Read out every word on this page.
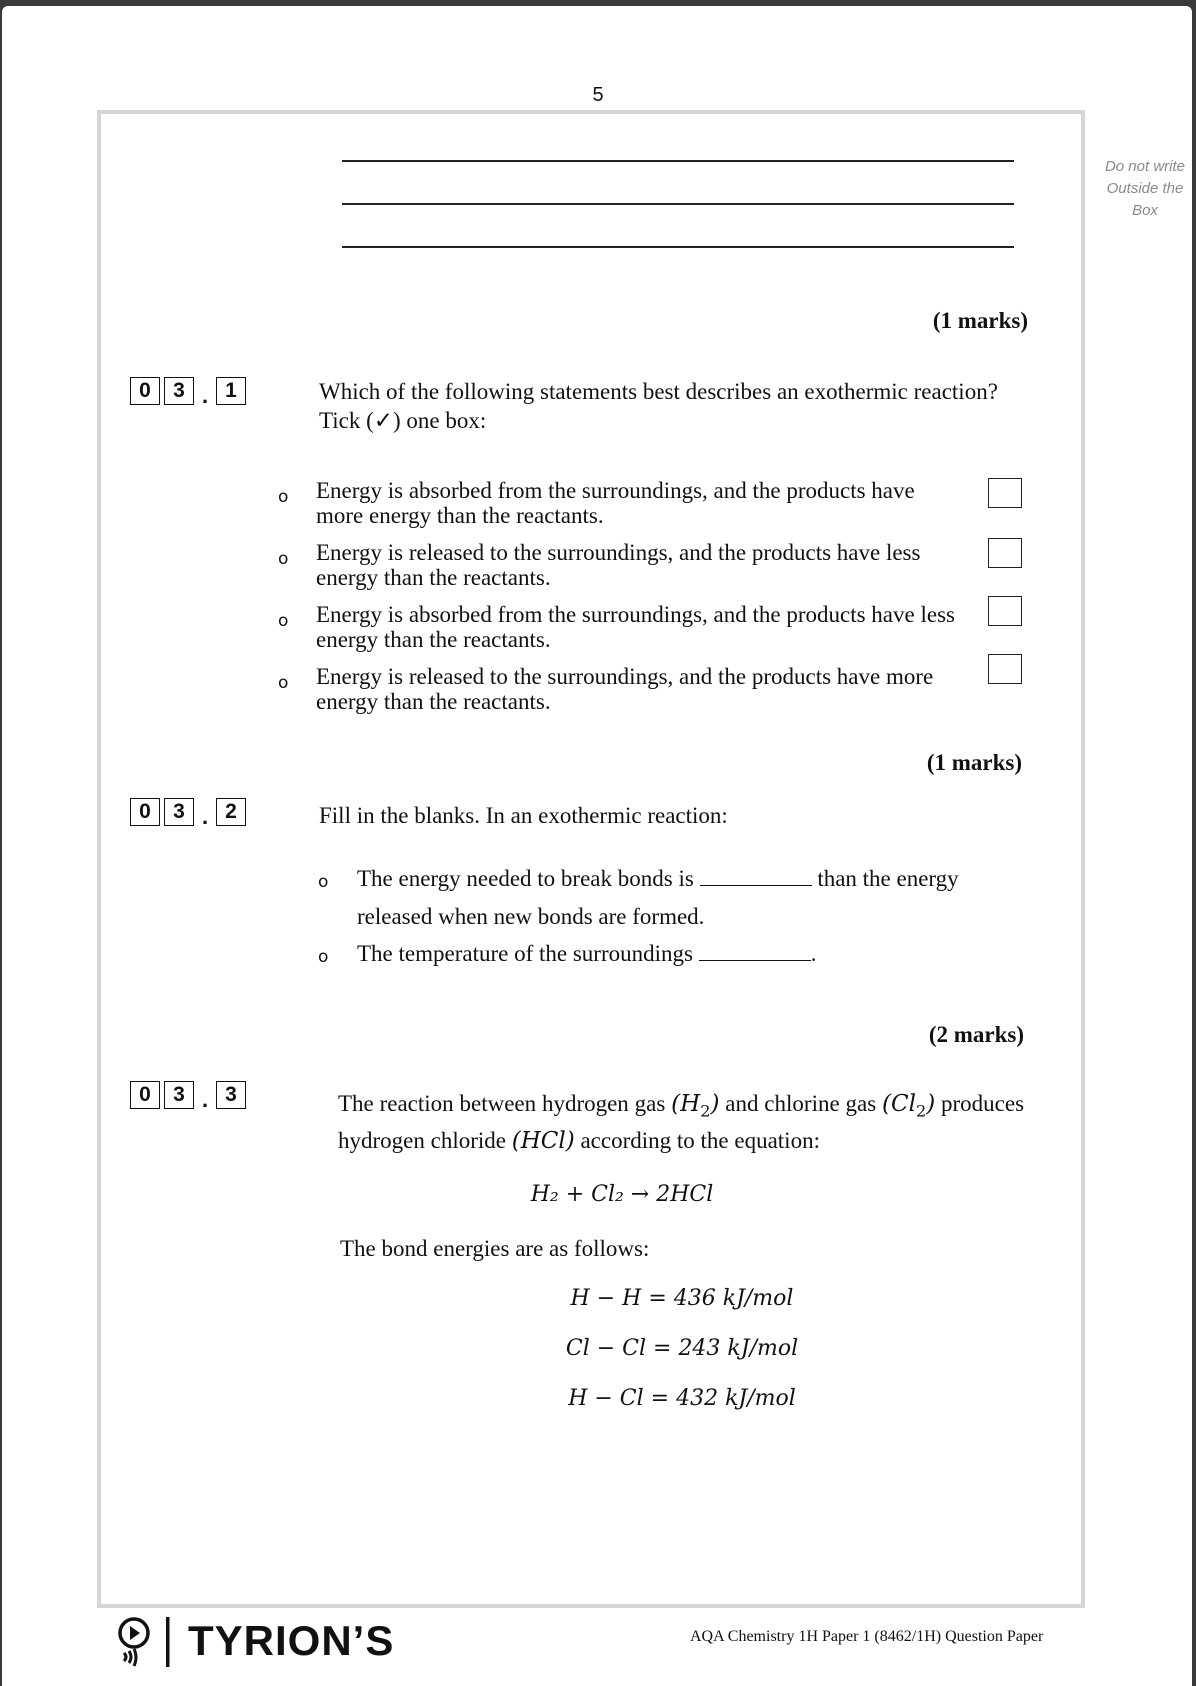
5
Do not write Outside the Box
(1 marks)
0	3 . 1	Which of the following statements best describes an exothermic reaction?
Tick (✓) one box:
o Energy is absorbed from the surroundings, and the products have more energy than the reactants.
o Energy is released to the surroundings, and the products have less energy than the reactants.
o Energy is absorbed from the surroundings, and the products have less energy than the reactants.
o Energy is released to the surroundings, and the products have more energy than the reactants.
(1 marks)
0	3 . 2	Fill in the blanks. In an exothermic reaction:
o The energy needed to break bonds is	than the energy
released when new bonds are formed.
o The temperature of the surroundings	.
(2 marks)
0	3 . 3	The reaction between hydrogen gas $(H_2)$ and chlorine gas $(Cl_2)$ produces hydrogen chloride (HCl) according to the equation:
H₂ + Cl₂ → 2HCl
The bond energies are as follows:
H − H = 436 kJ/mol
Cl − Cl = 243 kJ/mol
H − Cl = 432 kJ/mol
TYRION’S	AQA Chemistry 1H Paper 1 (8462/1H) Question Paper
